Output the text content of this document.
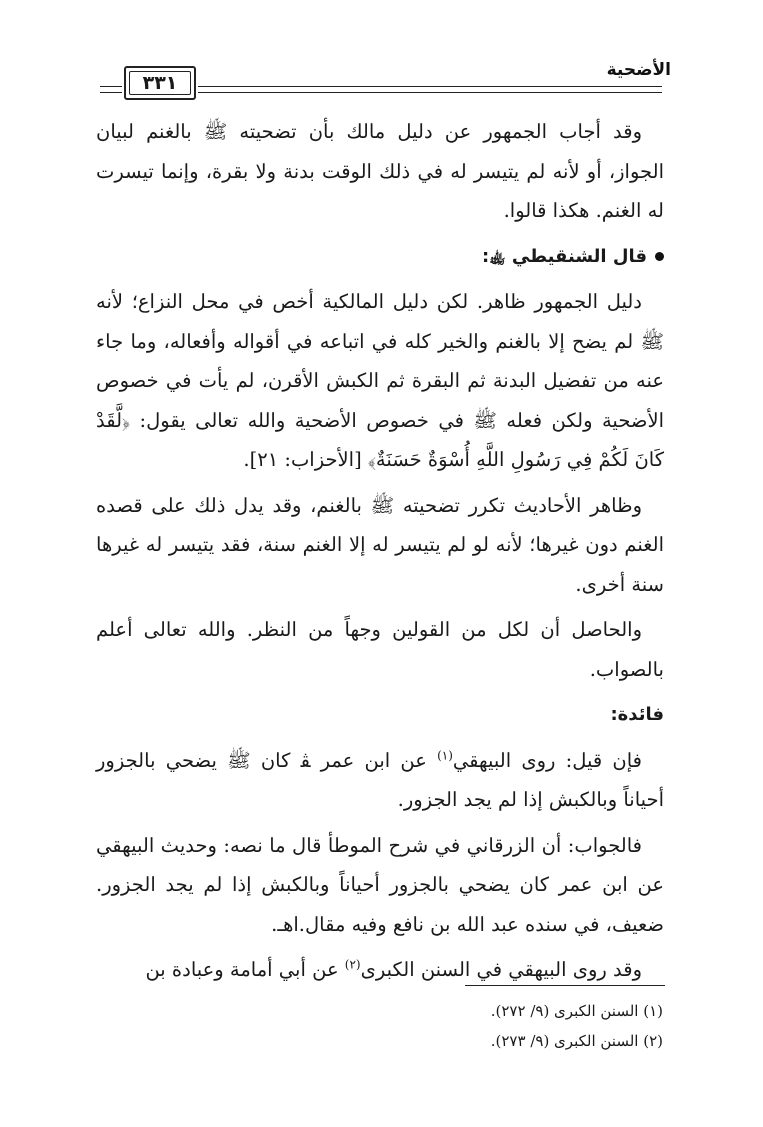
الأضحية
٣٣١

وقد أجاب الجمهور عن دليل مالك بأن تضحيته ﷺ بالغنم لبيان الجواز، أو لأنه لم يتيسر له في ذلك الوقت بدنة ولا بقرة، وإنما تيسرت له الغنم. هكذا قالوا.

قال الشنقيطي ﵀:

دليل الجمهور ظاهر. لكن دليل المالكية أخص في محل النزاع؛ لأنه ﷺ لم يضح إلا بالغنم والخير كله في اتباعه في أقواله وأفعاله، وما جاء عنه من تفضيل البدنة ثم البقرة ثم الكبش الأقرن، لم يأت في خصوص الأضحية ولكن فعله ﷺ في خصوص الأضحية والله تعالى يقول: ﴿لَّقَدْ كَانَ لَكُمْ فِي رَسُولِ اللَّهِ أُسْوَةٌ حَسَنَةٌ﴾ [الأحزاب: ٢١].

وظاهر الأحاديث تكرر تضحيته ﷺ بالغنم، وقد يدل ذلك على قصده الغنم دون غيرها؛ لأنه لو لم يتيسر له إلا الغنم سنة، فقد يتيسر له غيرها سنة أخرى.

والحاصل أن لكل من القولين وجهاً من النظر. والله تعالى أعلم بالصواب.

فائدة:

فإن قيل: روى البيهقي$^{(١)}$ عن ابن عمر ﭭ كان ﷺ يضحي بالجزور أحياناً وبالكبش إذا لم يجد الجزور.

فالجواب: أن الزرقاني في شرح الموطأ قال ما نصه: وحديث البيهقي عن ابن عمر كان يضحي بالجزور أحياناً وبالكبش إذا لم يجد الجزور. ضعيف، في سنده عبد الله بن نافع وفيه مقال.اهـ.

وقد روى البيهقي في السنن الكبرى$^{(٢)}$ عن أبي أمامة وعبادة بن

(١) السنن الكبرى (٩/ ٢٧٢).
(٢) السنن الكبرى (٩/ ٢٧٣).
